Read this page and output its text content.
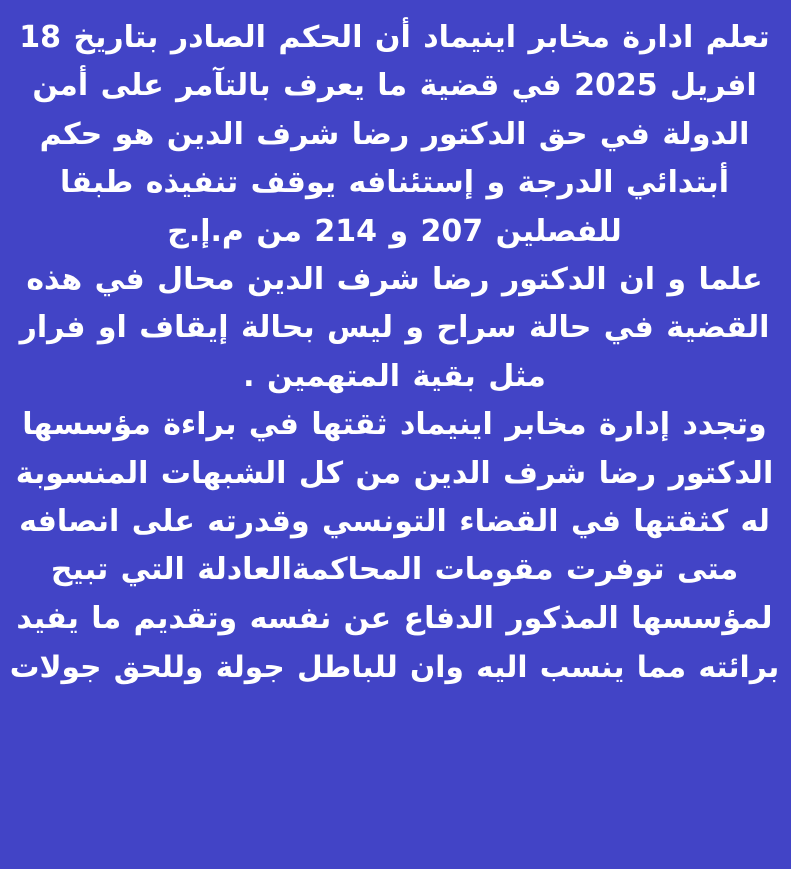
تعلم ادارة مخابر اينيماد أن الحكم الصادر بتاريخ 18
افريل 2025 في قضية ما يعرف بالتآمر على أمن
الدولة في حق الدكتور رضا شرف الدين هو حكم
أبتدائي الدرجة و إستئنافه يوقف تنفيذه طبقا
للفصلين 207 و 214 من م.إ.ج
علما و ان الدكتور رضا شرف الدين محال في هذه
القضية في حالة سراح و ليس بحالة إيقاف او فرار
مثل بقية المتهمين .
وتجدد إدارة مخابر اينيماد ثقتها في براءة مؤسسها
الدكتور رضا شرف الدين من كل الشبهات المنسوبة
له كثقتها في القضاء التونسي وقدرته على انصافه
متى توفرت مقومات المحاكمةالعادلة التي تبيح
لمؤسسها المذكور الدفاع عن نفسه وتقديم ما يفيد
برائته مما ينسب اليه وان للباطل جولة وللحق جولات
